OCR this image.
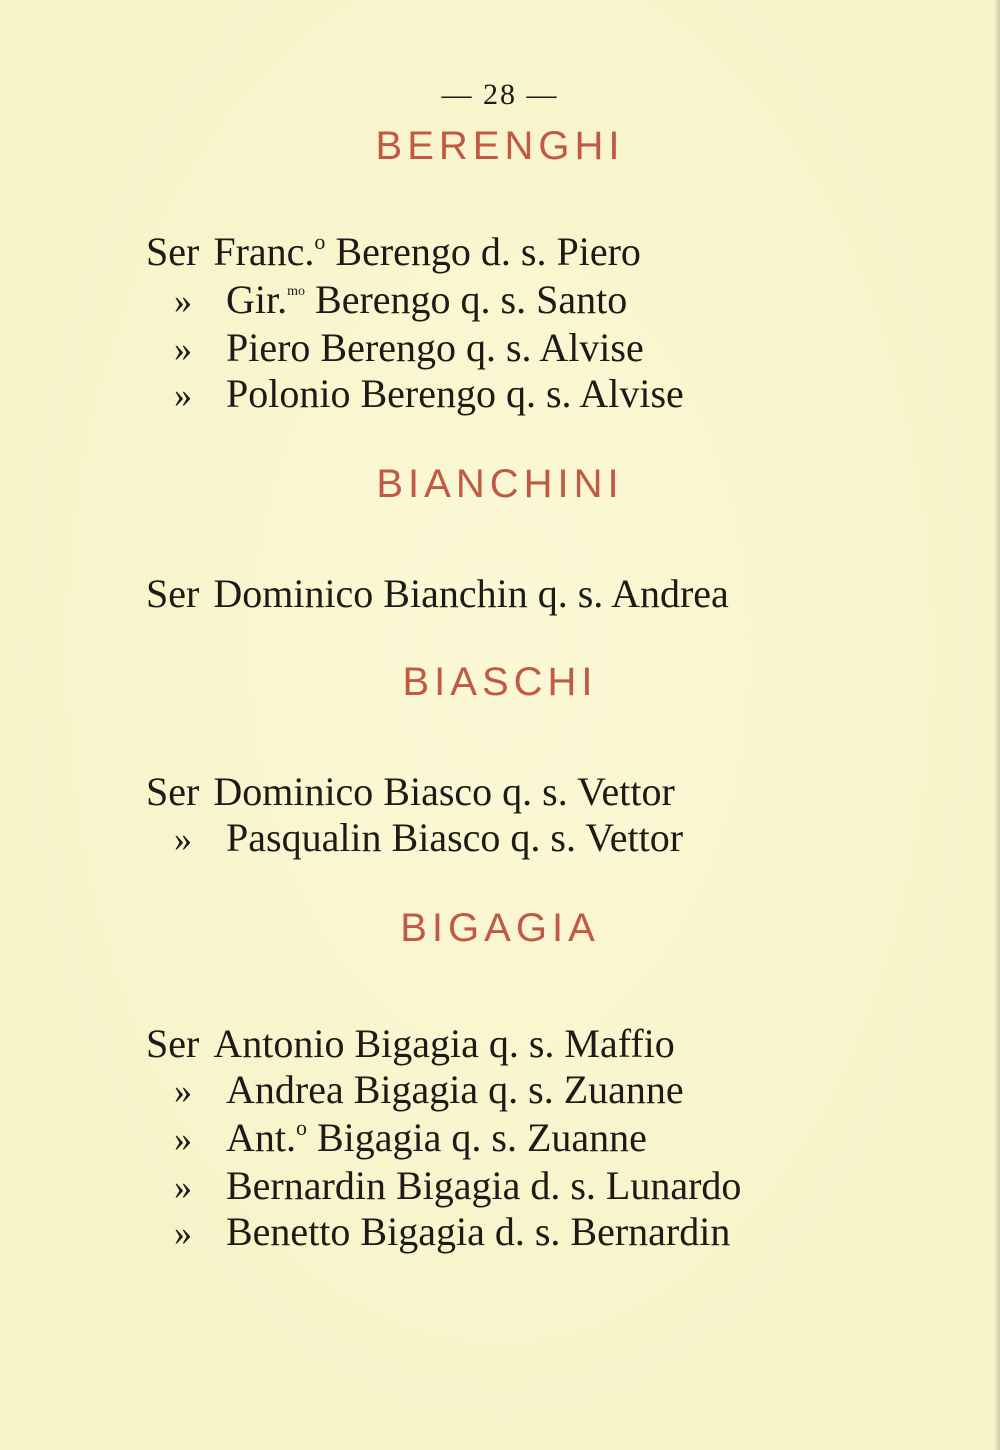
— 28 —
BERENGHI
Ser Franc.$^o$ Berengo d. s. Piero
» Gir.$^{mo}$ Berengo q. s. Santo
» Piero Berengo q. s. Alvise
» Polonio Berengo q. s. Alvise
BIANCHINI
Ser Dominico Bianchin q. s. Andrea
BIASCHI
Ser Dominico Biasco q. s. Vettor
» Pasqualin Biasco q. s. Vettor
BIGAGIA
Ser Antonio Bigagia q. s. Maffio
» Andrea Bigagia q. s. Zuanne
» Ant.$^o$ Bigagia q. s. Zuanne
» Bernardin Bigagia d. s. Lunardo
» Benetto Bigagia d. s. Bernardin
